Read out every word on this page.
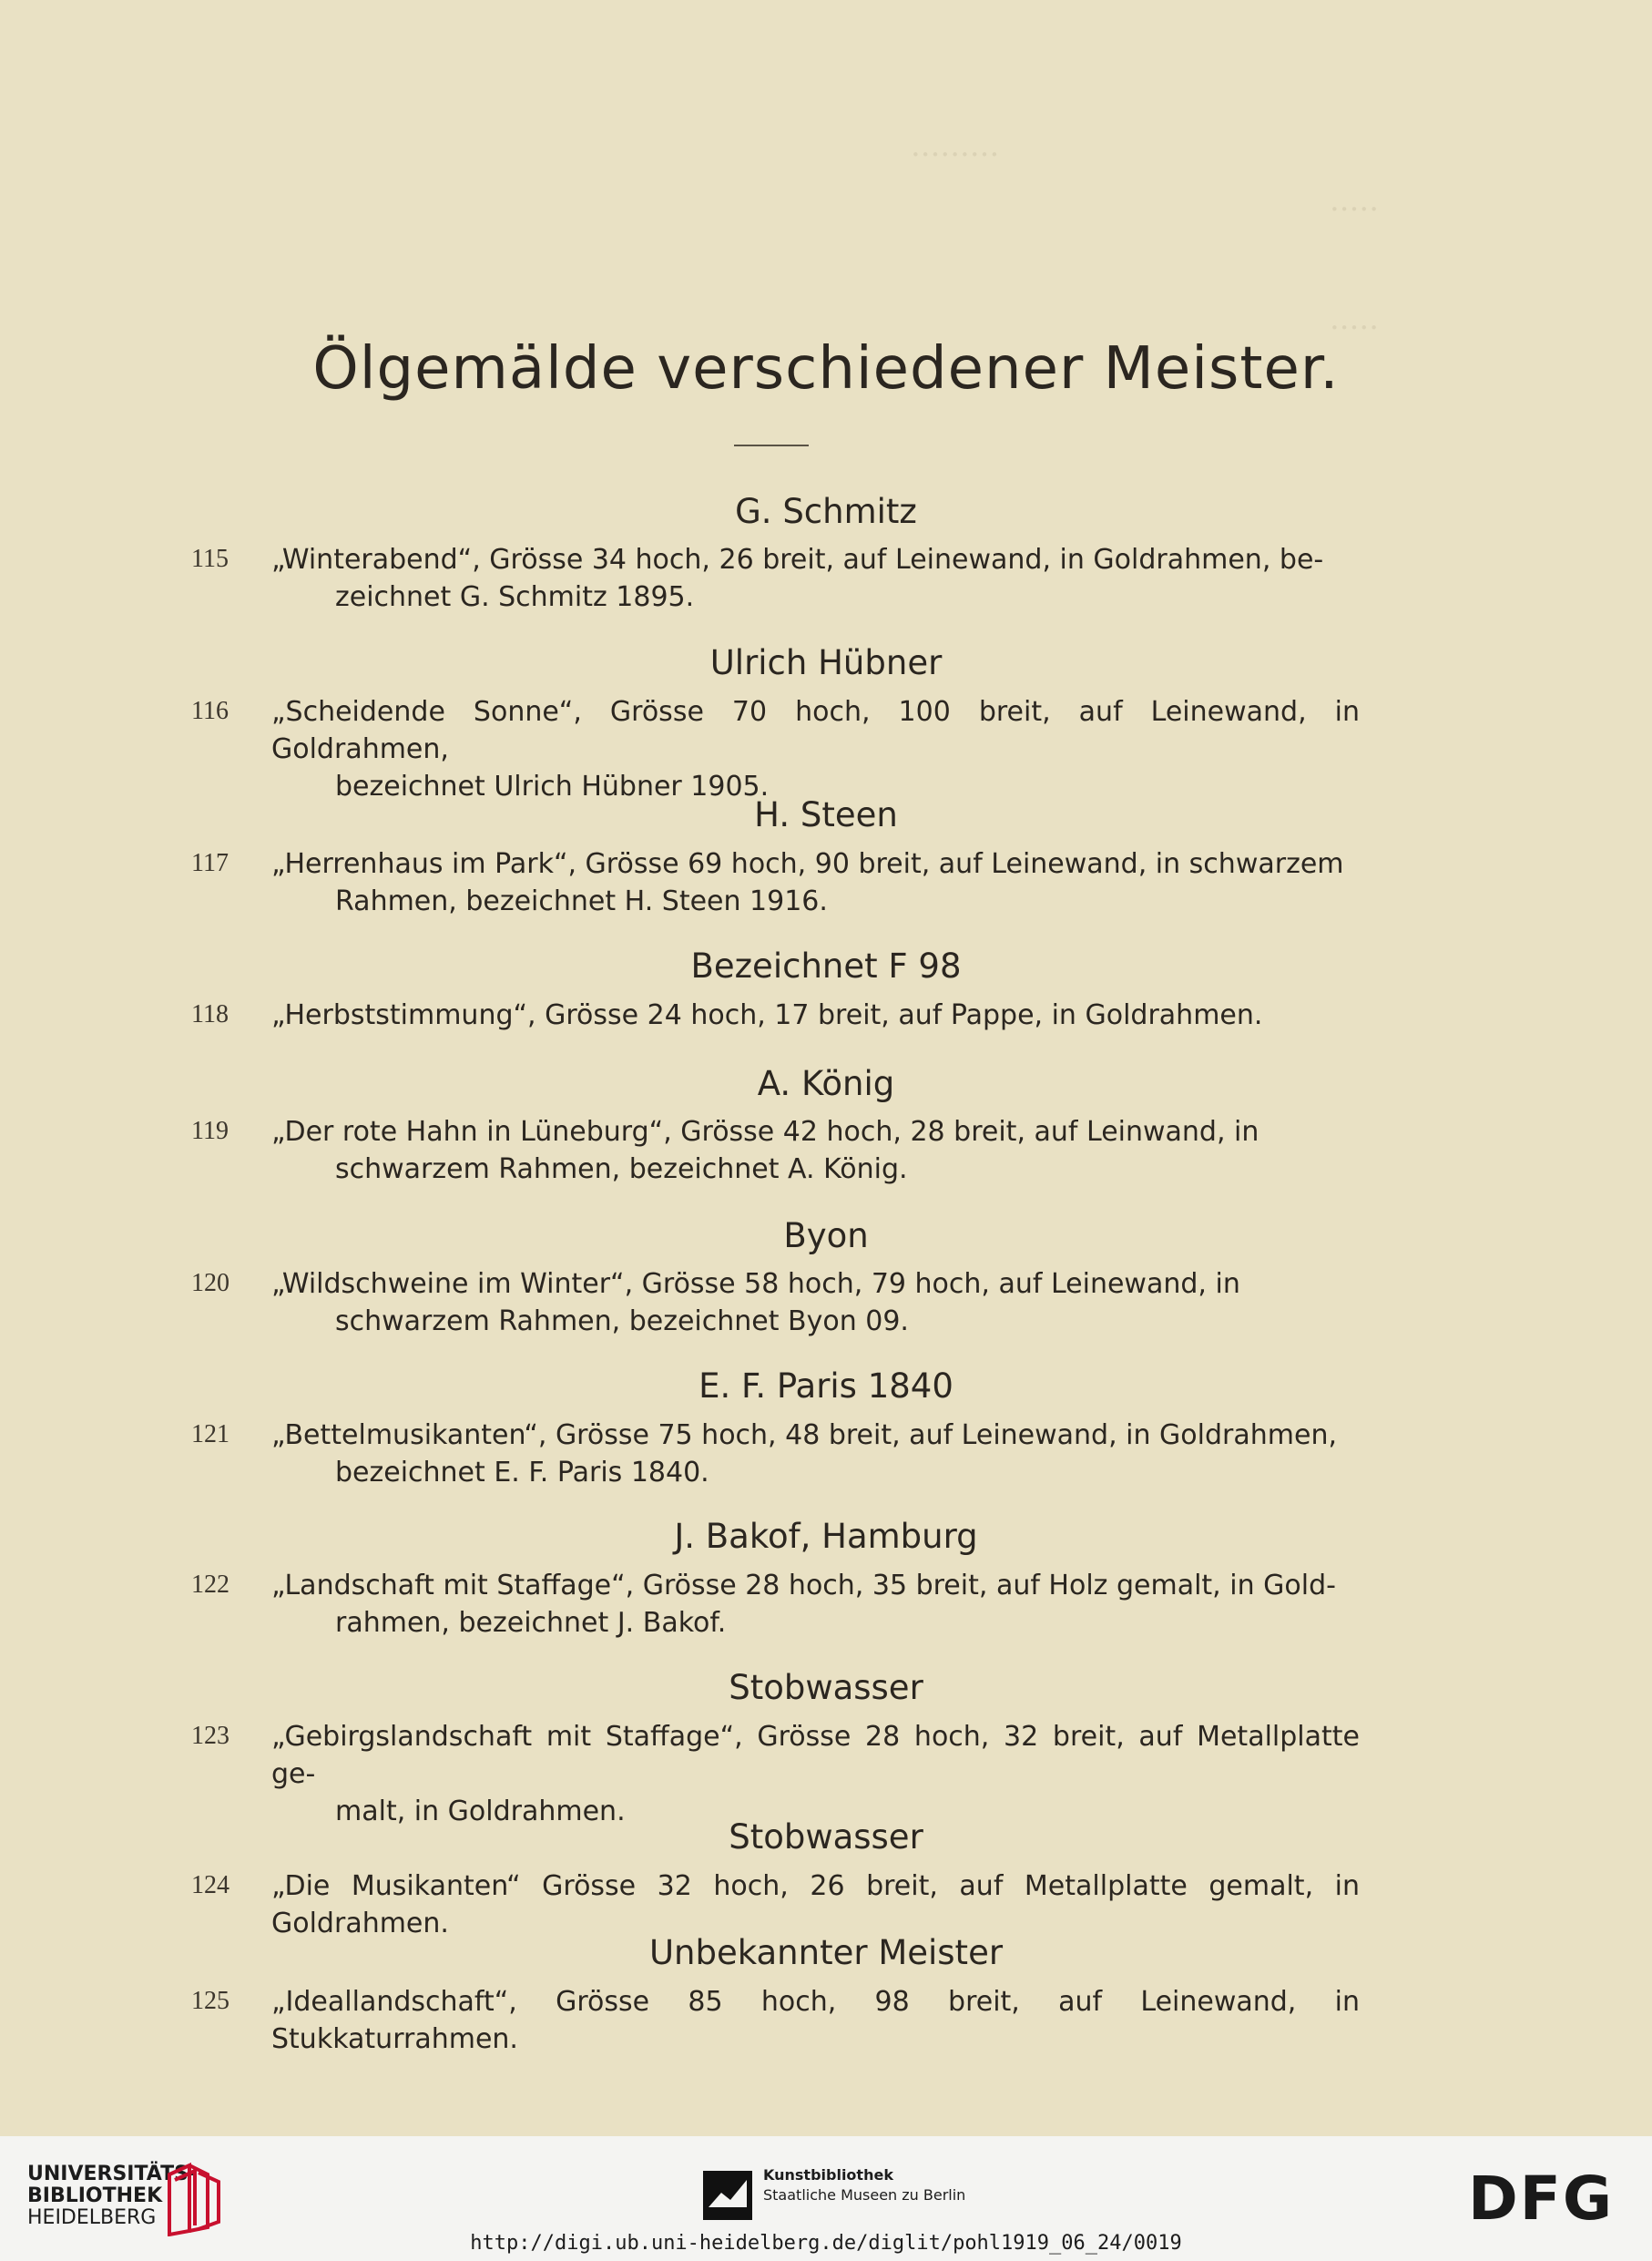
·········
·····
·····
Ölgemälde verschiedener Meister.
G. Schmitz
115 „Winterabend“, Grösse 34 hoch, 26 breit, auf Leinewand, in Goldrahmen, be-
zeichnet G. Schmitz 1895.
Ulrich Hübner
116 „Scheidende Sonne“, Grösse 70 hoch, 100 breit, auf Leinewand, in Goldrahmen,
bezeichnet Ulrich Hübner 1905.
H. Steen
117 „Herrenhaus im Park“, Grösse 69 hoch, 90 breit, auf Leinewand, in schwarzem
Rahmen, bezeichnet H. Steen 1916.
Bezeichnet F 98
118 „Herbststimmung“, Grösse 24 hoch, 17 breit, auf Pappe, in Goldrahmen.
A. König
119 „Der rote Hahn in Lüneburg“, Grösse 42 hoch, 28 breit, auf Leinwand, in
schwarzem Rahmen, bezeichnet A. König.
Byon
120 „Wildschweine im Winter“, Grösse 58 hoch, 79 hoch, auf Leinewand, in
schwarzem Rahmen, bezeichnet Byon 09.
E. F. Paris 1840
121 „Bettelmusikanten“, Grösse 75 hoch, 48 breit, auf Leinewand, in Goldrahmen,
bezeichnet E. F. Paris 1840.
J. Bakof, Hamburg
122 „Landschaft mit Staffage“, Grösse 28 hoch, 35 breit, auf Holz gemalt, in Gold-
rahmen, bezeichnet J. Bakof.
Stobwasser
123 „Gebirgslandschaft mit Staffage“, Grösse 28 hoch, 32 breit, auf Metallplatte ge-
malt, in Goldrahmen.
Stobwasser
124 „Die Musikanten“ Grösse 32 hoch, 26 breit, auf Metallplatte gemalt, in Goldrahmen.
Unbekannter Meister
125 „Ideallandschaft“, Grösse 85 hoch, 98 breit, auf Leinewand, in Stukkaturrahmen.
UNIVERSITÄTS-
BIBLIOTHEK
HEIDELBERG
Kunstbibliothek
Staatliche Museen zu Berlin	DFG
http://digi.ub.uni-heidelberg.de/diglit/pohl1919_06_24/0019
